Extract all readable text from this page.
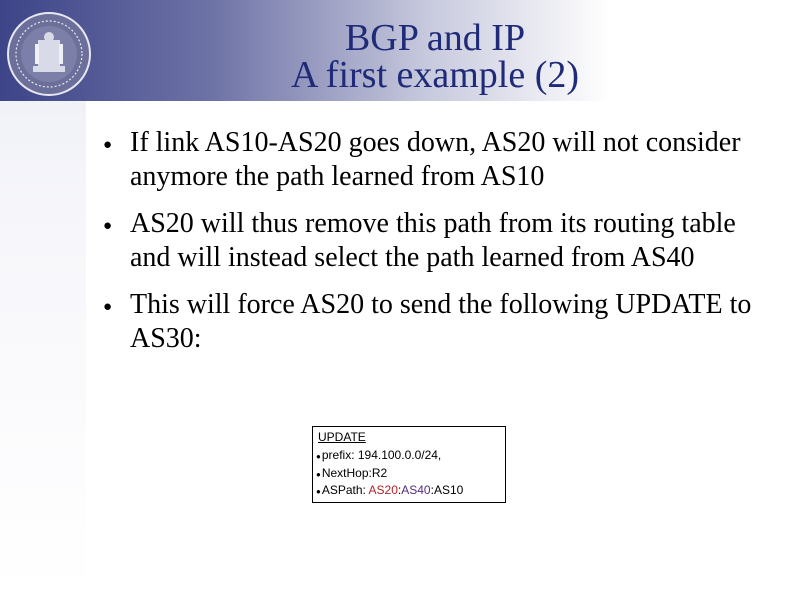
BGP and IP
A first example (2)
● If link AS10-AS20 goes down, AS20 will not consider anymore the path learned from AS10
● AS20 will thus remove this path from its routing table and will instead select the path learned from AS40
● This will force AS20 to send the following UPDATE to AS30:
UPDATE
●prefix: 194.100.0.0/24,
●NextHop:R2
●ASPath: AS20:AS40:AS10
